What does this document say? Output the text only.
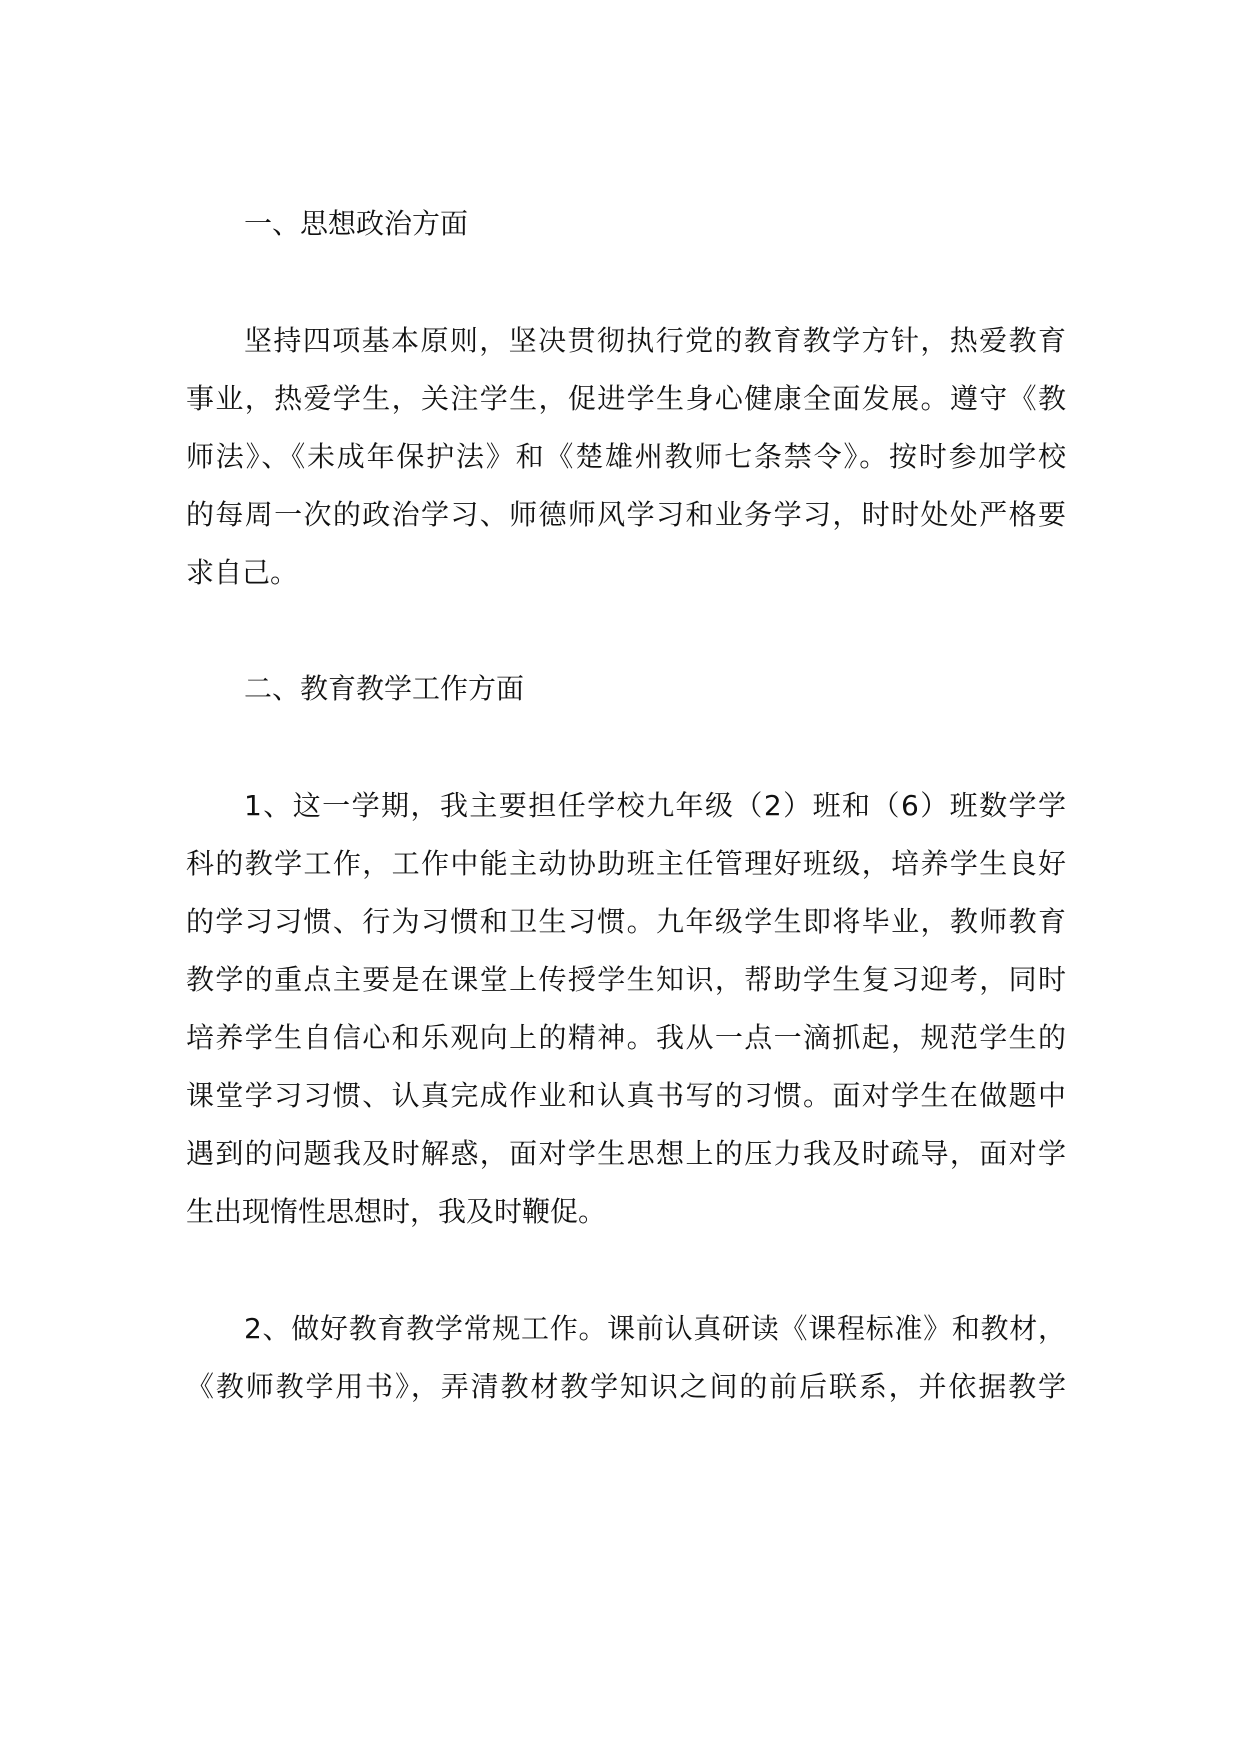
一、思想政治方面
坚持四项基本原则，坚决贯彻执行党的教育教学方针，热爱教育
事业，热爱学生，关注学生，促进学生身心健康全面发展。遵守《教
师法》、《未成年保护法》和《楚雄州教师七条禁令》。按时参加学校
的每周一次的政治学习、师德师风学习和业务学习，时时处处严格要
求自己。
二、教育教学工作方面
1、这一学期，我主要担任学校九年级（2）班和（6）班数学学
科的教学工作，工作中能主动协助班主任管理好班级，培养学生良好
的学习习惯、行为习惯和卫生习惯。九年级学生即将毕业，教师教育
教学的重点主要是在课堂上传授学生知识，帮助学生复习迎考，同时
培养学生自信心和乐观向上的精神。我从一点一滴抓起，规范学生的
课堂学习习惯、认真完成作业和认真书写的习惯。面对学生在做题中
遇到的问题我及时解惑，面对学生思想上的压力我及时疏导，面对学
生出现惰性思想时，我及时鞭促。
2、做好教育教学常规工作。课前认真研读《课程标准》和教材，
《教师教学用书》，弄清教材教学知识之间的前后联系，并依据教学
